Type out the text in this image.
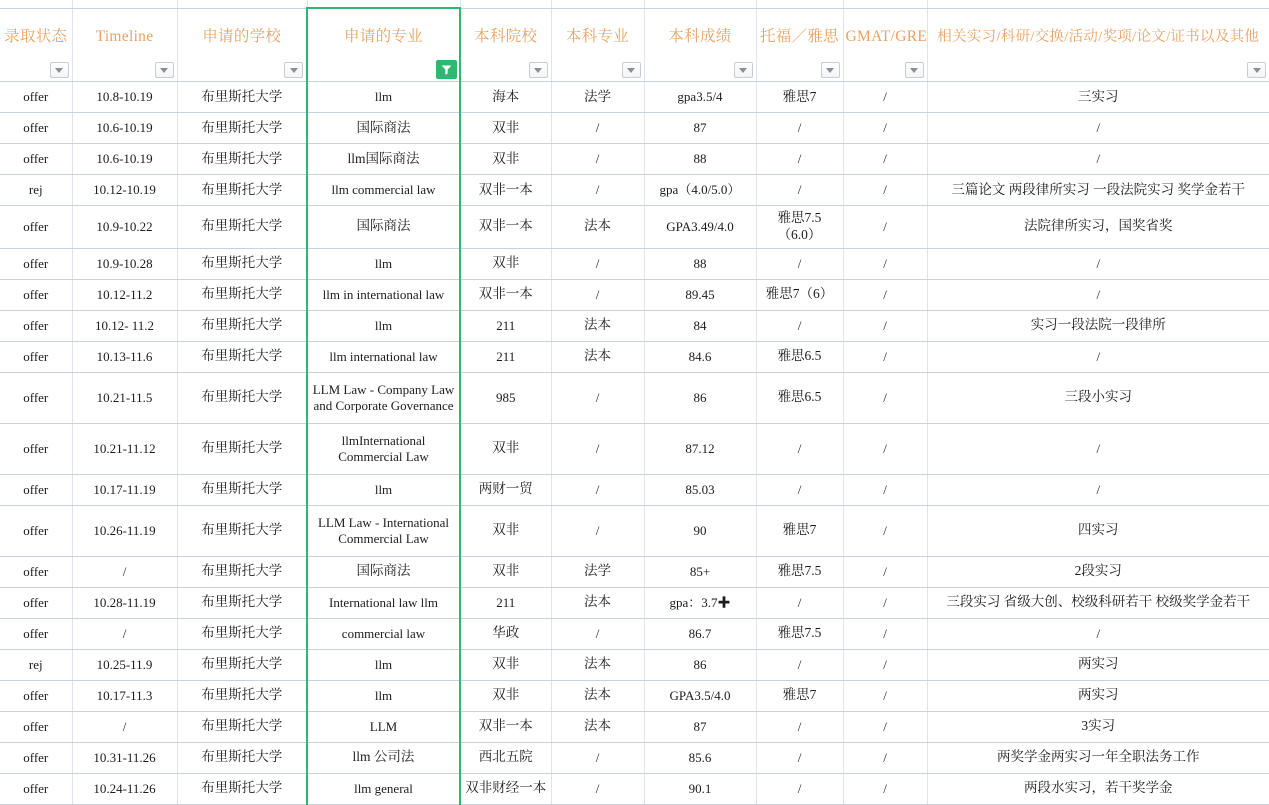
录取状态	Timeline	申请的学校	申请的专业	本科院校	本科专业	本科成绩	托福／雅思	GMAT/GRE	相关实习/科研/交换/活动/奖项/论文/证书以及其他

offer	10.8-10.19	布里斯托大学	llm	海本	法学	gpa3.5/4	雅思7	/	三实习
offer	10.6-10.19	布里斯托大学	国际商法	双非	/	87	/	/	/
offer	10.6-10.19	布里斯托大学	llm国际商法	双非	/	88	/	/	/
rej	10.12-10.19	布里斯托大学	llm commercial law	双非一本	/	gpa（4.0/5.0）	/	/	三篇论文 两段律所实习 一段法院实习 奖学金若干
offer	10.9-10.22	布里斯托大学	国际商法	双非一本	法本	GPA3.49/4.0	雅思7.5（6.0）	/	法院律所实习，国奖省奖
offer	10.9-10.28	布里斯托大学	llm	双非	/	88	/	/	/
offer	10.12-11.2	布里斯托大学	llm in international law	双非一本	/	89.45	雅思7（6）	/	/
offer	10.12- 11.2	布里斯托大学	llm	211	法本	84	/	/	实习一段法院一段律所
offer	10.13-11.6	布里斯托大学	llm international law	211	法本	84.6	雅思6.5	/	/
offer	10.21-11.5	布里斯托大学	LLM Law - Company Law and Corporate Governance	985	/	86	雅思6.5	/	三段小实习
offer	10.21-11.12	布里斯托大学	llmInternational Commercial Law	双非	/	87.12	/	/	/
offer	10.17-11.19	布里斯托大学	llm	两财一贸	/	85.03	/	/	/
offer	10.26-11.19	布里斯托大学	LLM Law - International Commercial Law	双非	/	90	雅思7	/	四实习
offer	/	布里斯托大学	国际商法	双非	法学	85+	雅思7.5	/	2段实习
offer	10.28-11.19	布里斯托大学	International law llm	211	法本	gpa：3.7✚	/	/	三段实习 省级大创、校级科研若干 校级奖学金若干
offer	/	布里斯托大学	commercial law	华政	/	86.7	雅思7.5	/	/
rej	10.25-11.9	布里斯托大学	llm	双非	法本	86	/	/	两实习
offer	10.17-11.3	布里斯托大学	llm	双非	法本	GPA3.5/4.0	雅思7	/	两实习
offer	/	布里斯托大学	LLM	双非一本	法本	87	/	/	3实习
offer	10.31-11.26	布里斯托大学	llm 公司法	西北五院	/	85.6	/	/	两奖学金两实习一年全职法务工作
offer	10.24-11.26	布里斯托大学	llm general	双非财经一本	/	90.1	/	/	两段水实习，若干奖学金
